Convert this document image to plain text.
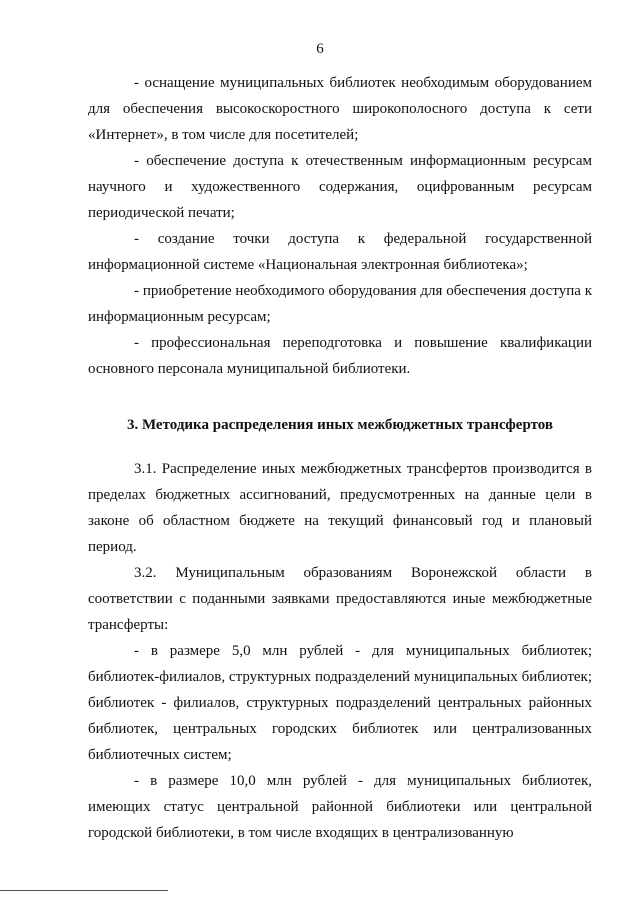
6

- оснащение муниципальных библиотек необходимым оборудованием для обеспечения высокоскоростного широкополосного доступа к сети «Интернет», в том числе для посетителей;

- обеспечение доступа к отечественным информационным ресурсам научного и художественного содержания, оцифрованным ресурсам периодической печати;

- создание точки доступа к федеральной государственной информационной системе «Национальная электронная библиотека»;

- приобретение необходимого оборудования для обеспечения доступа к информационным ресурсам;

- профессиональная переподготовка и повышение квалификации основного персонала муниципальной библиотеки.

3. Методика распределения иных межбюджетных трансфертов

3.1. Распределение иных межбюджетных трансфертов производится в пределах бюджетных ассигнований, предусмотренных на данные цели в законе об областном бюджете на текущий финансовый год и плановый период.

3.2. Муниципальным образованиям Воронежской области в соответствии с поданными заявками предоставляются иные межбюджетные трансферты:

- в размере 5,0 млн рублей - для муниципальных библиотек; библиотек-филиалов, структурных подразделений муниципальных библиотек; библиотек - филиалов, структурных подразделений центральных районных библиотек, центральных городских библиотек или централизованных библиотечных систем;

- в размере 10,0 млн рублей - для муниципальных библиотек, имеющих статус центральной районной библиотеки или центральной городской библиотеки, в том числе входящих в централизованную
